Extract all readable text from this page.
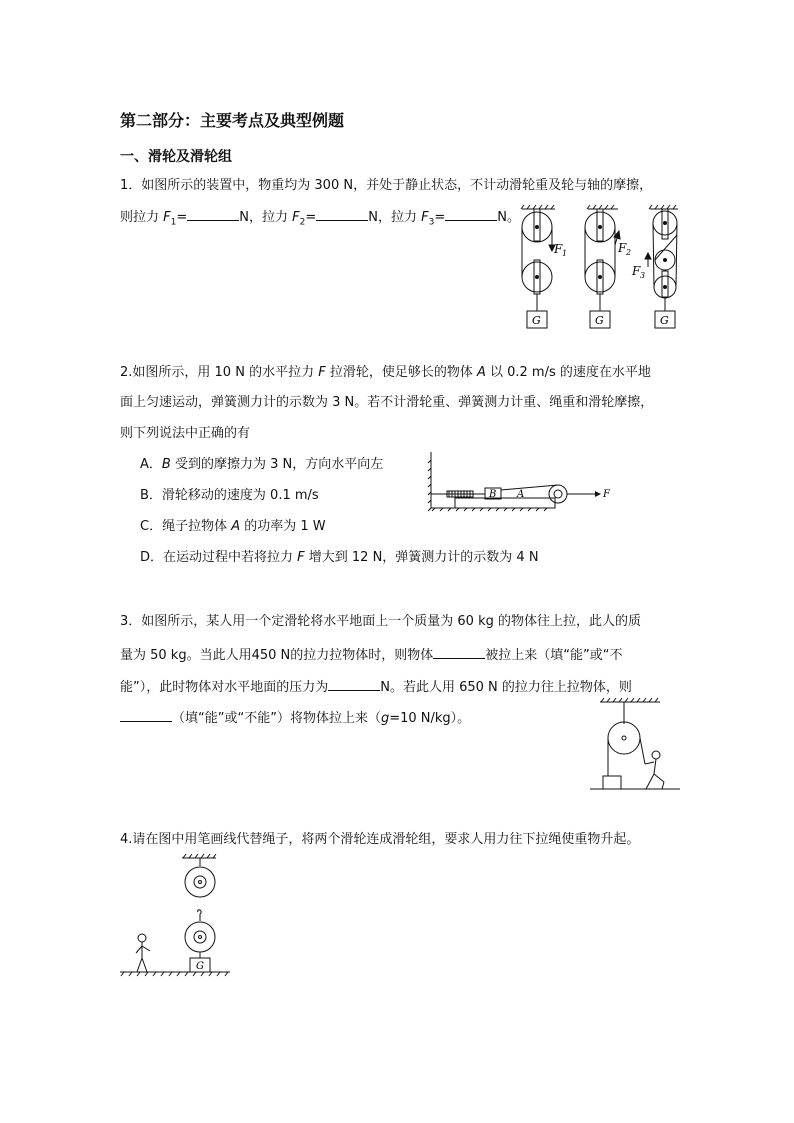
第二部分：主要考点及典型例题
一、滑轮及滑轮组
1．如图所示的装置中，物重均为 300 N，并处于静止状态，不计动滑轮重及轮与轴的摩擦，
则拉力 $F_1=$	N，拉力 $F_2=$	N，拉力 $F_3=$	N。
F 1	F 2
F 3
G	G	G
2.如图所示，用 10 N 的水平拉力 F 拉滑轮，使足够长的物体 A 以 0.2 m/s 的速度在水平地
面上匀速运动，弹簧测力计的示数为 3 N。若不计滑轮重、弹簧测力计重、绳重和滑轮摩擦，
则下列说法中正确的有
A．B 受到的摩擦力为 3 N，方向水平向左
B．滑轮移动的速度为 0.1 m/s
C．绳子拉物体 A 的功率为 1 W
D．在运动过程中若将拉力 F 增大到 12 N，弹簧测力计的示数为 4 N
B A	F
3．如图所示，某人用一个定滑轮将水平地面上一个质量为 60 kg 的物体往上拉，此人的质
量为 50 kg。当此人用450 N的拉力拉物体时，则物体	被拉上来（填“能”或“不
能”），此时物体对水平地面的压力为	N。若此人用 650 N 的拉力往上拉物体，则
（填“能”或“不能”）将物体拉上来（g=10 N/kg）。
4.请在图中用笔画线代替绳子，将两个滑轮连成滑轮组，要求人用力往下拉绳使重物升起。
G
